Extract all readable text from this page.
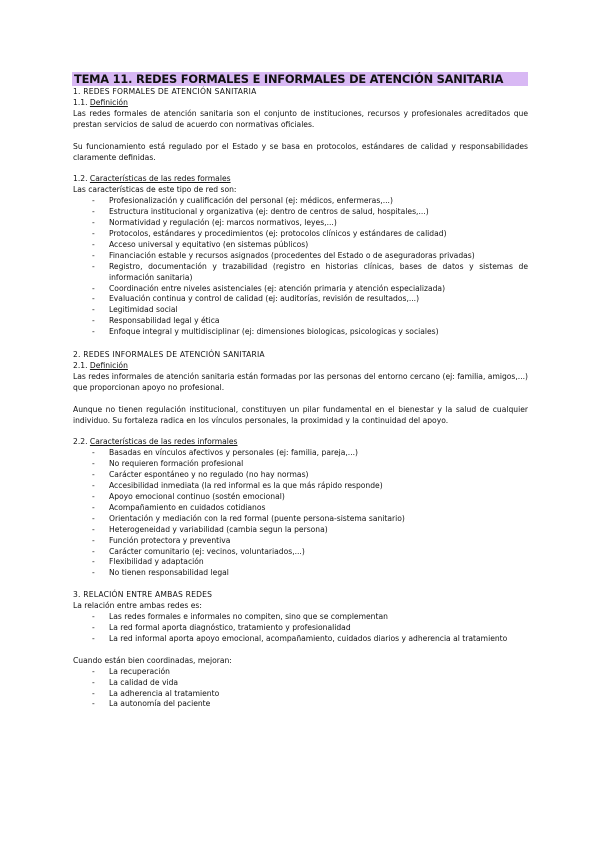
TEMA 11. REDES FORMALES E INFORMALES DE ATENCIÓN SANITARIA
1. REDES FORMALES DE ATENCIÓN SANITARIA
1.1. Definición

Las redes formales de atención sanitaria son el conjunto de instituciones, recursos y profesionales acreditados que prestan servicios de salud de acuerdo con normativas oficiales.

Su funcionamiento está regulado por el Estado y se basa en protocolos, estándares de calidad y responsabilidades claramente definidas.

1.2. Características de las redes formales
Las características de este tipo de red son:
- Profesionalización y cualificación del personal (ej: médicos, enfermeras,...)
- Estructura institucional y organizativa (ej: dentro de centros de salud, hospitales,...)
- Normatividad y regulación (ej: marcos normativos, leyes,...)
- Protocolos, estándares y procedimientos (ej: protocolos clínicos y estándares de calidad)
- Acceso universal y equitativo (en sistemas públicos)
- Financiación estable y recursos asignados (procedentes del Estado o de aseguradoras privadas)
- Registro, documentación y trazabilidad (registro en historias clínicas, bases de datos y sistemas de información sanitaria)
- Coordinación entre niveles asistenciales (ej: atención primaria y atención especializada)
- Evaluación continua y control de calidad (ej: auditorías, revisión de resultados,...)
- Legitimidad social
- Responsabilidad legal y ética
- Enfoque integral y multidisciplinar (ej: dimensiones biologicas, psicologicas y sociales)
2. REDES INFORMALES DE ATENCIÓN SANITARIA
2.1. Definición

Las redes informales de atención sanitaria están formadas por las personas del entorno cercano (ej: familia, amigos,...) que proporcionan apoyo no profesional.

Aunque no tienen regulación institucional, constituyen un pilar fundamental en el bienestar y la salud de cualquier individuo. Su fortaleza radica en los vínculos personales, la proximidad y la continuidad del apoyo.

2.2. Características de las redes informales
- Basadas en vínculos afectivos y personales (ej: familia, pareja,...)
- No requieren formación profesional
- Carácter espontáneo y no regulado (no hay normas)
- Accesibilidad inmediata (la red informal es la que más rápido responde)
- Apoyo emocional continuo (sostén emocional)
- Acompañamiento en cuidados cotidianos
- Orientación y mediación con la red formal (puente persona-sistema sanitario)
- Heterogeneidad y variabilidad (cambia segun la persona)
- Función protectora y preventiva
- Carácter comunitario (ej: vecinos, voluntariados,...)
- Flexibilidad y adaptación
- No tienen responsabilidad legal
3. RELACIÓN ENTRE AMBAS REDES
La relación entre ambas redes es:
- Las redes formales e informales no compiten, sino que se complementan
- La red formal aporta diagnóstico, tratamiento y profesionalidad
- La red informal aporta apoyo emocional, acompañamiento, cuidados diarios y adherencia al tratamiento
Cuando están bien coordinadas, mejoran:
- La recuperación
- La calidad de vida
- La adherencia al tratamiento
- La autonomía del paciente
